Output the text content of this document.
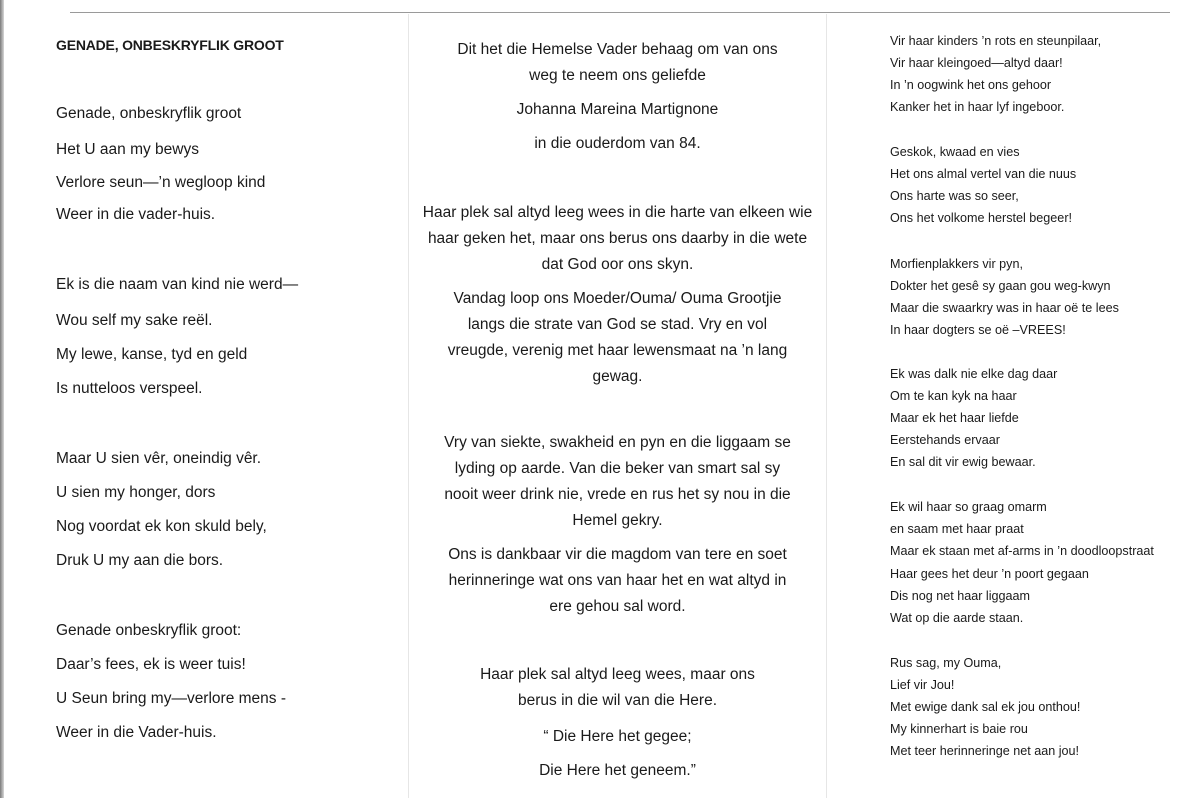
GENADE, ONBESKRYFLIK GROOT
Genade, onbeskryflik groot
Het U aan my bewys
Verlore seun—’n wegloop kind
Weer in die vader-huis.
Ek is die naam van kind nie werd—
Wou self my sake reël.
My lewe, kanse, tyd en geld
Is nutteloos verspeel.
Maar U sien vêr, oneindig vêr.
U sien my honger, dors
Nog voordat ek kon skuld bely,
Druk U my aan die bors.
Genade onbeskryflik groot:
Daar’s fees, ek is weer tuis!
U Seun bring my—verlore mens -
Weer in die Vader-huis.

Dit het die Hemelse Vader behaag om van ons weg te neem ons geliefde

Johanna Mareina Martignone
in die ouderdom van 84.

Haar plek sal altyd leeg wees in die harte van elkeen wie haar geken het, maar ons berus ons daarby in die wete dat God oor ons skyn.

Vandag loop ons Moeder/Ouma/ Ouma Grootjie langs die strate van God se stad. Vry en vol vreugde, verenig met haar lewensmaat na ’n lang gewag.

Vry van siekte, swakheid en pyn en die liggaam se lyding op aarde. Van die beker van smart sal sy nooit weer drink nie, vrede en rus het sy nou in die Hemel gekry.

Ons is dankbaar vir die magdom van tere en soet herinneringe wat ons van haar het en wat altyd in ere gehou sal word.

Haar plek sal altyd leeg wees, maar ons berus in die wil van die Here.

“ Die Here het gegee;
Die Here het geneem.”
Vir haar kinders ’n rots en steunpilaar,
Vir haar kleingoed—altyd daar!
In ’n oogwink het ons gehoor
Kanker het in haar lyf ingeboor.
Geskok, kwaad en vies
Het ons almal vertel van die nuus
Ons harte was so seer,
Ons het volkome herstel begeer!
Morfienplakkers vir pyn,
Dokter het gesê sy gaan gou weg-kwyn
Maar die swaarkry was in haar oë te lees
In haar dogters se oë –VREES!
Ek was dalk nie elke dag daar
Om te kan kyk na haar
Maar ek het haar liefde
Eerstehands ervaar
En sal dit vir ewig bewaar.
Ek wil haar so graag omarm
en saam met haar praat
Maar ek staan met af-arms in ’n doodloopstraat
Haar gees het deur ’n poort gegaan
Dis nog net haar liggaam
Wat op die aarde staan.
Rus sag, my Ouma,
Lief vir Jou!
Met ewige dank sal ek jou onthou!
My kinnerhart is baie rou
Met teer herinneringe net aan jou!
